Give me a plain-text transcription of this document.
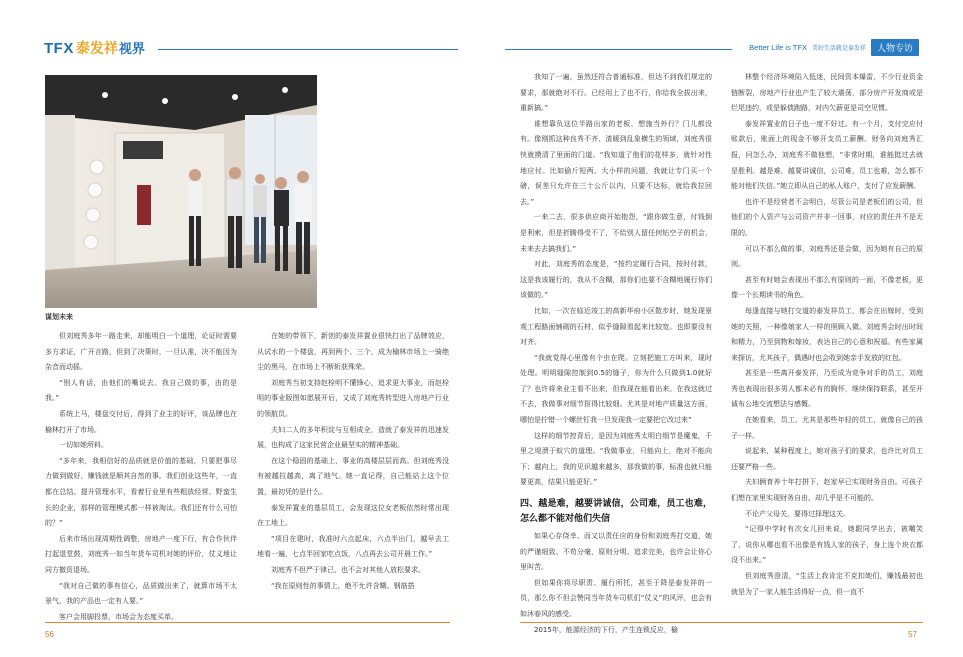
TFX 泰发祥 视界	Better Life is TFX 美好生活就是泰发祥	人物专访
谋划未来

但刘庭秀多年一路走来，却能明白一个道理，论证时需要多方求证，广开言路，但到了决策时，一旦认准，决不能因为杂音而动摇。

“别人有话，由他们的嘴说去。我自己做的事，由的是我。”

系统上马，楼盘交付后，得到了业主的好评，该品牌也在榆林打开了市场。

一切如她所料。

“多年来，我相信好的品质就是价值的基础，只要把事尽力做到做好，赚钱就是顺其自然的事。我们创业这些年，一直都在总结、提升管理水平，看着行业里有些粗放经营、野蛮生长的企业，那样的管理模式都一样被淘汰。我们还有什么可怕的？”

后来市场出现周期性调整，房地产一度下行，有合作伙伴打起退堂鼓，刘庭秀一如当年货车司机对她的评价，仗义地让同方撤资退场。

“我对自己做的事有信心，品质做出来了，就算市场不太景气，我的产品也一定有人要。”

客户会用脚投票，市场会为态度买单。

在她的带领下，新创的泰发祥置业很快打出了品牌效应，从试水的一个楼盘，再到两个、三个，成为榆林市场上一骑绝尘的黑马，在市场上不断斩获殊荣。

刘庭秀当初支持赵栓明不懂锋心，追求更大事业，而赵栓明的事业版图如愿展开后，又成了刘庭秀转型进入房地产行业的领航员。

夫妇二人的多年积淀与互相成全，造就了泰发祥的迅速发展，也构成了这家民营企业最坚实的精神基础。

在这个稳固的基础上，事业的高楼层层而高。但刘庭秀没有被越拉越高，离了地气。她一直记得，自己能站上这个位置，最初凭的是什么。

泰发祥置业的基层员工，会发现这位女老板依然时常出现在工地上。

“项目在建时，我准时六点起床，六点半出门，越早去工地看一遍，七点半回家吃点饭，八点再去公司开晨工作。”

刘庭秀不但严于律己，也不会对其他人放松要求。

“我在原则性的事情上，绝不允许含糊。钢筋搭

我知了一遍，虽然还符合普通标准，但达不到我们规定的要求，那就绝对不行。已经用上了也不行，你给我全拔出来，重新搞。”

谁想靠负这位半路出家的老板、想施当外行？门儿都没有。像刚抓这种良秀不齐、渣暖到乱象横生的领域，刘庭秀很快就摸清了里面的门道。“我知道了他们的花样多，就针对性地应付。比如偷斤短两、大小样的问题，我就让专门买一个磅，误差只允许在三十公斤以内，只要不达标，就给我拉回去。”

一来二去，很多供应商开始抱怨，“跟你做生意，付钱倒是利索，但是折腾得受不了，不给别人留任何钻空子的机会，未来去去搞我们。”

对此，刘庭秀的态度是，“按约定履行合同，按时付款，这是我该履行的，我从不含糊，那你们也要不含糊地履行你们该做的。”

比如，一次在临近竣工的高新华府小区散步时，她发现景观工程路面铺砌的石材，似乎缝隙看起来比较宽。也即要没有对齐。

“我就觉得心里像有个虫在爬。立刻把施工方叫来，现时处理。明明缝隙控制到0.5的缝子，你为什么只做到1.0就好了？也许将来业主看不出来，但我现在能看出来。在我这就过不去，我做事对细节抠得比较细。尤其是对地产质量这方面，哪怕是拧错一个螺丝钉我一旦发现我一定要把它改过来”

这样的细节控背后，是因为刘庭秀太明白细节是魔鬼，千里之堤溃于蚁穴的道理。“我做事业，只能向上，绝对不能向下；越向上，我的见识越来越多，那我做的事，标准也就只能要更高，结果只能更好。”

四、越是难，越要讲诚信，公司难，员工也难，怎么都不能对他们失信

如果心存侥幸、而又以责任应的身份和刘庭秀打交道，她的严谨细致、不苟分毫，原则分明、追求完美，也许会让你心里叫苦。

但如果你将尽职责、履行所托，甚至于降是泰发祥的一员，那么你不但会赞同当年货车司机们“仗义”的风评，也会有如沐春风的感受。

2015年，能源经济的下行，产生连锁反应，榆

林整个经济环境陷入低迷，民间资本爆雷，不少行业资金链断裂，房地产行业也产生了较大震荡，部分房产开发商或是烂尾违约，或是躲债跑路，对内欠薪更是司空见惯。

泰发祥置业的日子也一度不好过。有一个月，支付完应付账款后，账面上的现金不够开支员工薪酬。财务向刘庭秀汇报，问怎么办，刘庭秀不做他想，“非常时期，谁能挺过去就是胜利。越是难，越要讲诚信，公司难，员工也难，怎么都不能对他们失信。”她立即从自己的私人账户，支付了应发薪酬。

也许不是经营者不会明白，尽管公司是老板们的公司，但他们的个人资产与公司资产并非一回事，对应的责任并不是无限的。

可以不那么做的事，刘庭秀还是会做，因为她有自己的原则。

甚至有时她会表现出不那么有原则的一面，不像老板，更像一个长期读书的角色。

每逢直接与她打交道的泰发祥员工，都会在出嫁时，受到她的关照，一种像娘家人一样的照顾入微。刘庭秀会时出时间和精力，乃至到物和嫁妆，表达自己的心意和祝福。有些家属来探访，尤其孩子，偶遇时也会收到她亲手发放的红包。

甚至是一些离开泰发祥，乃至成为竞争对手的员工，刘庭秀也表现出很多男人都未必有的胸怀，继续保持联系，甚至开诚布公地交流想法与感慨。

在她看来，员工、尤其是那些年轻的员工，就像自己的孩子一样。

说起来，某种程度上，她对孩子们的要求，也许比对员工还要严格一些。

夫妇俩育养十年打拼下，赵家早已实现财务自由。可孩子们想在家里实现财务自由，却几乎是不可能的。

不论产父母关，要得过择理这关。

“记得中学时有次女儿回来说，她跟同学出去，被嘲笑了，说你从哪也看不出像是有钱人家的孩子，身上连个块衣都没不出来。”

但刘庭秀澄清，“生活上我肯定不克扣她们，赚钱最初也就是为了一家人能生活得好一点，但一直不

56	57
